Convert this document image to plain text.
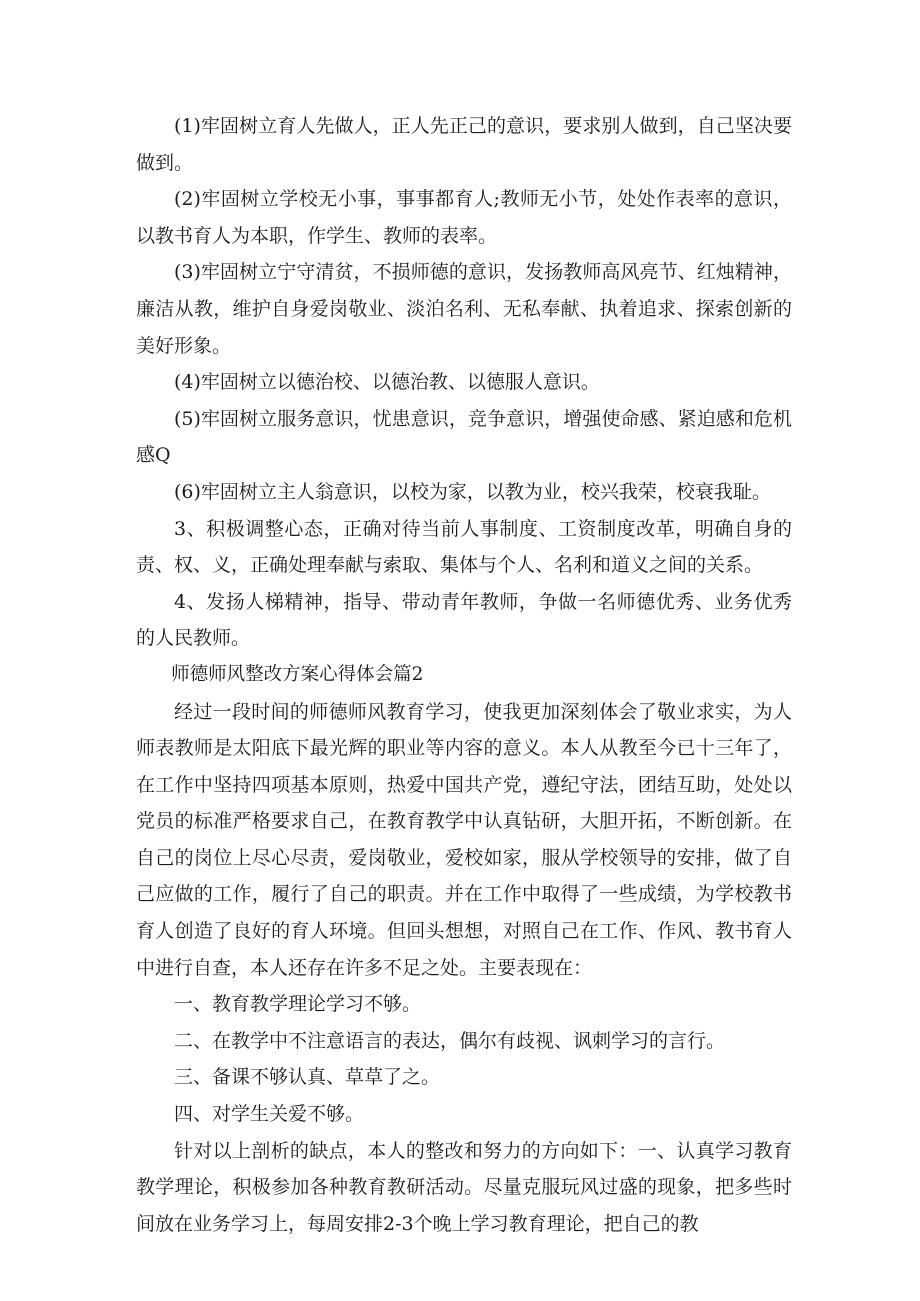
(1)牢固树立育人先做人，正人先正己的意识，要求别人做到，自己坚决要做到。

(2)牢固树立学校无小事，事事都育人;教师无小节，处处作表率的意识，以教书育人为本职，作学生、教师的表率。

(3)牢固树立宁守清贫，不损师德的意识，发扬教师高风亮节、红烛精神，廉洁从教，维护自身爱岗敬业、淡泊名利、无私奉献、执着追求、探索创新的美好形象。

(4)牢固树立以德治校、以德治教、以德服人意识。

(5)牢固树立服务意识，忧患意识，竞争意识，增强使命感、紧迫感和危机感Q

(6)牢固树立主人翁意识，以校为家，以教为业，校兴我荣，校衰我耻。

3、积极调整心态，正确对待当前人事制度、工资制度改革，明确自身的责、权、义，正确处理奉献与索取、集体与个人、名利和道义之间的关系。

4、发扬人梯精神，指导、带动青年教师，争做一名师德优秀、业务优秀的人民教师。

师德师风整改方案心得体会篇2

经过一段时间的师德师风教育学习，使我更加深刻体会了敬业求实，为人师表教师是太阳底下最光辉的职业等内容的意义。本人从教至今已十三年了，在工作中坚持四项基本原则，热爱中国共产党，遵纪守法，团结互助，处处以党员的标准严格要求自己，在教育教学中认真钻研，大胆开拓，不断创新。在自己的岗位上尽心尽责，爱岗敬业，爱校如家，服从学校领导的安排，做了自己应做的工作，履行了自己的职责。并在工作中取得了一些成绩，为学校教书育人创造了良好的育人环境。但回头想想，对照自己在工作、作风、教书育人中进行自查，本人还存在许多不足之处。主要表现在：

一、教育教学理论学习不够。

二、在教学中不注意语言的表达，偶尔有歧视、讽刺学习的言行。

三、备课不够认真、草草了之。

四、对学生关爱不够。

针对以上剖析的缺点，本人的整改和努力的方向如下：一、认真学习教育教学理论，积极参加各种教育教研活动。尽量克服玩风过盛的现象，把多些时间放在业务学习上，每周安排2-3个晚上学习教育理论，把自己的教
